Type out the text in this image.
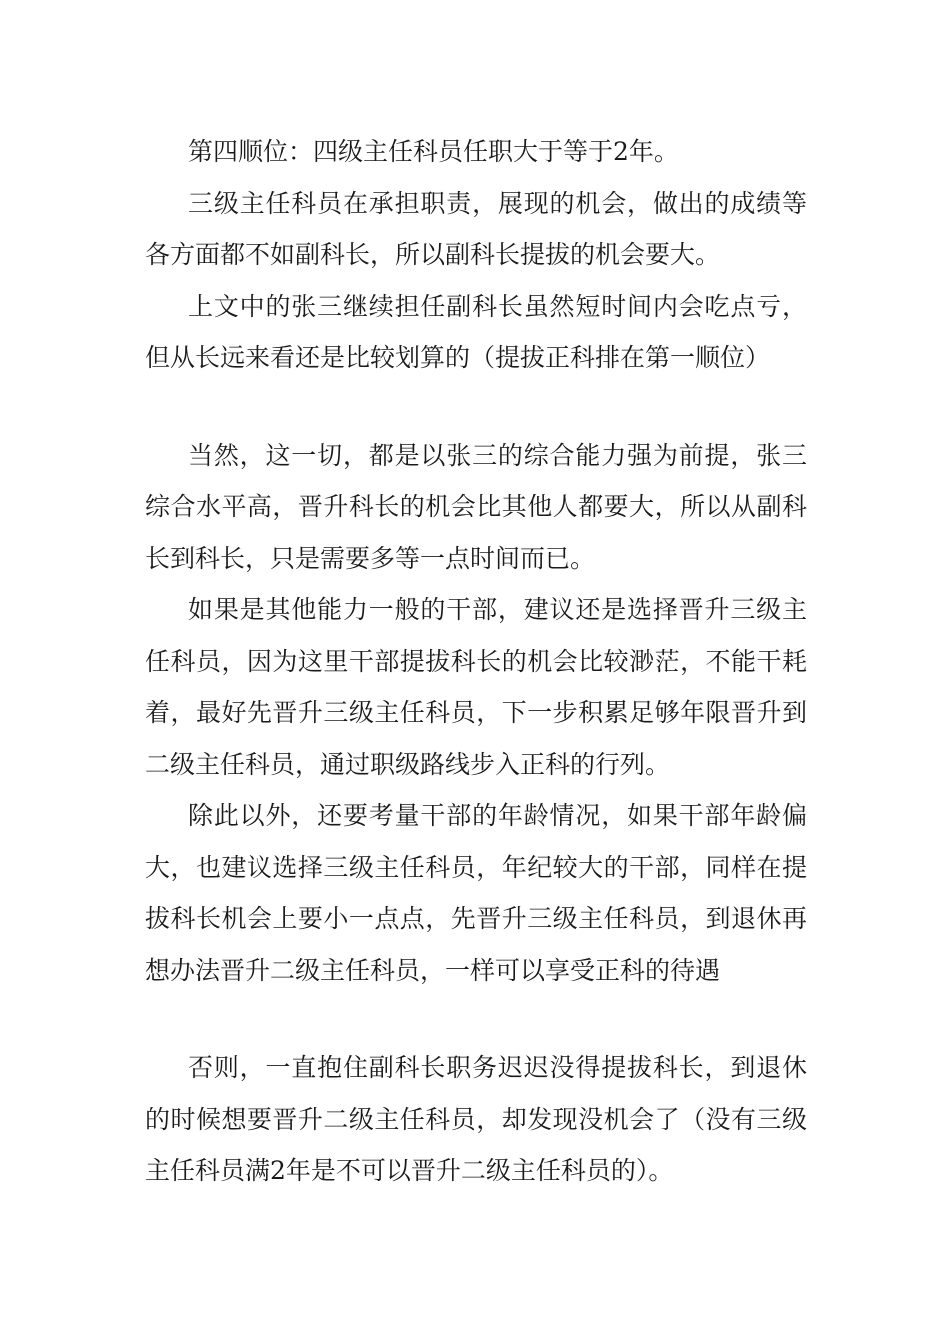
第四顺位：四级主任科员任职大于等于2年。

三级主任科员在承担职责，展现的机会，做出的成绩等各方面都不如副科长，所以副科长提拔的机会要大。

上文中的张三继续担任副科长虽然短时间内会吃点亏，但从长远来看还是比较划算的（提拔正科排在第一顺位）

当然，这一切，都是以张三的综合能力强为前提，张三综合水平高，晋升科长的机会比其他人都要大，所以从副科长到科长，只是需要多等一点时间而已。

如果是其他能力一般的干部，建议还是选择晋升三级主任科员，因为这里干部提拔科长的机会比较渺茫，不能干耗着，最好先晋升三级主任科员，下一步积累足够年限晋升到二级主任科员，通过职级路线步入正科的行列。

除此以外，还要考量干部的年龄情况，如果干部年龄偏大，也建议选择三级主任科员，年纪较大的干部，同样在提拔科长机会上要小一点点，先晋升三级主任科员，到退休再想办法晋升二级主任科员，一样可以享受正科的待遇

否则，一直抱住副科长职务迟迟没得提拔科长，到退休的时候想要晋升二级主任科员，却发现没机会了（没有三级主任科员满2年是不可以晋升二级主任科员的）。
